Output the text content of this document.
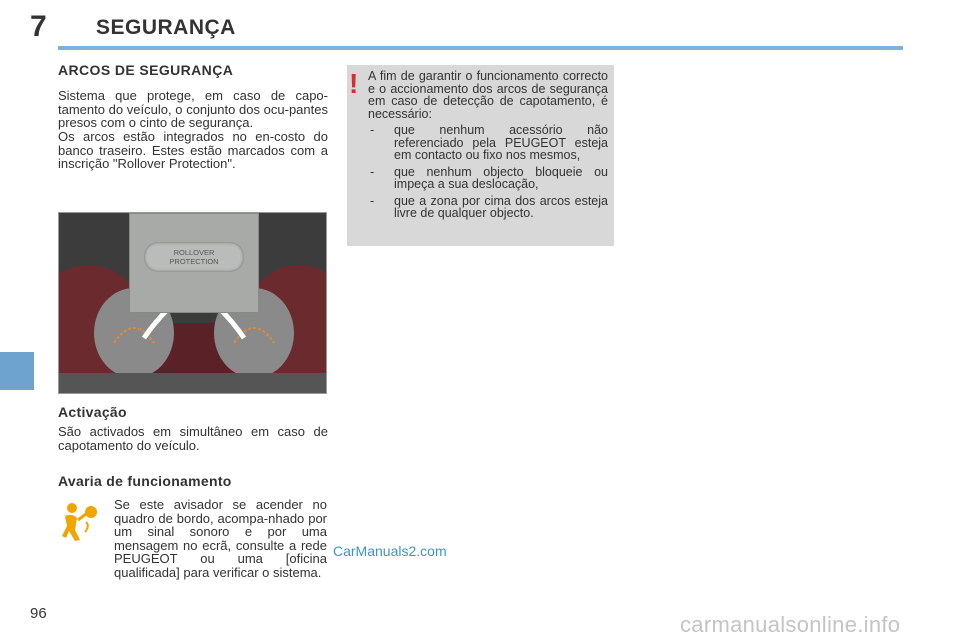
7 SEGURANÇA
ARCOS DE SEGURANÇA

Sistema que protege, em caso de capo-tamento do veículo, o conjunto dos ocu-pantes presos com o cinto de segurança.

Os arcos estão integrados no en-costo do banco traseiro. Estes estão marcados com a inscrição "Rollover Protection".

ROLLOVER
PROTECTION
Activação

São activados em simultâneo em caso de capotamento do veículo.

Avaria de funcionamento

Se este avisador se acender no quadro de bordo, acompa-nhado por um sinal sonoro e por uma mensagem no ecrã, consulte a rede PEUGEOT ou uma [oficina qualificada] para verificar o sistema.

CarManuals2.com
! A fim de garantir o funcionamento correcto e o accionamento dos arcos de segurança em caso de detecção de capotamento, é necessário:

- que nenhum acessório não referenciado pela PEUGEOT esteja em contacto ou fixo nos mesmos,
- que nenhum objecto bloqueie ou impeça a sua deslocação,
- que a zona por cima dos arcos esteja livre de qualquer objecto.
96	carmanualsonline.info
